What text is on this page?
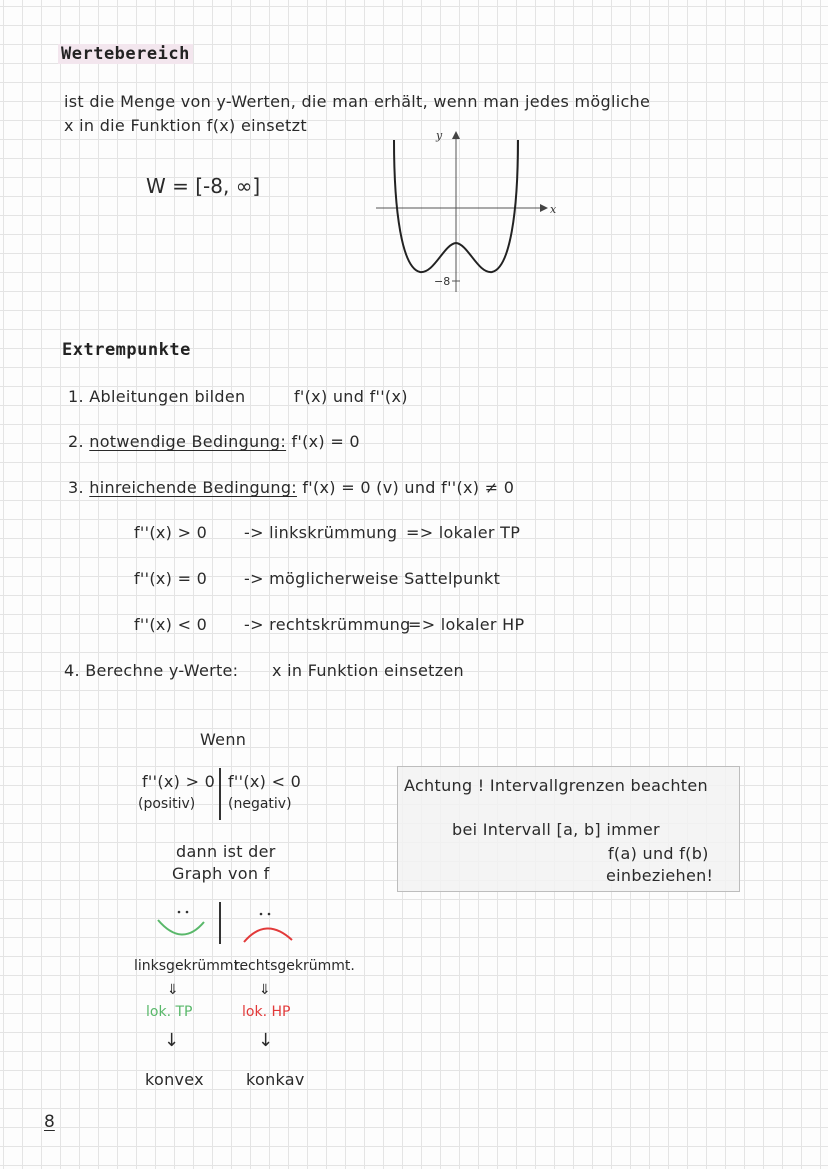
Wertebereich
ist die Menge von y-Werten, die man erhält, wenn man jedes mögliche
x in die Funktion f(x) einsetzt
W = [-8, ∞]
y
x
−8
Extrempunkte
1. Ableitungen bilden	f'(x) und f''(x)
2. notwendige Bedingung: f'(x) = 0
3. hinreichende Bedingung: f'(x) = 0 (v) und f''(x) ≠ 0
f''(x) > 0 -> linkskrümmung => lokaler TP
f''(x) = 0 -> möglicherweise Sattelpunkt
f''(x) < 0 -> rechtskrümmung
=> lokaler HP
4. Berechne y-Werte: x in Funktion einsetzen
Wenn
f''(x) > 0
(positiv)
f''(x) < 0
(negativ)
dann ist der
Graph von f
linksgekrümmt.
rechtsgekrümmt.
⇓	⇓
lok. TP	lok. HP
↓	↓
konvex	konkav
Achtung ! Intervallgrenzen beachten
bei Intervall [a, b] immer
f(a) und f(b)
einbeziehen!
8
